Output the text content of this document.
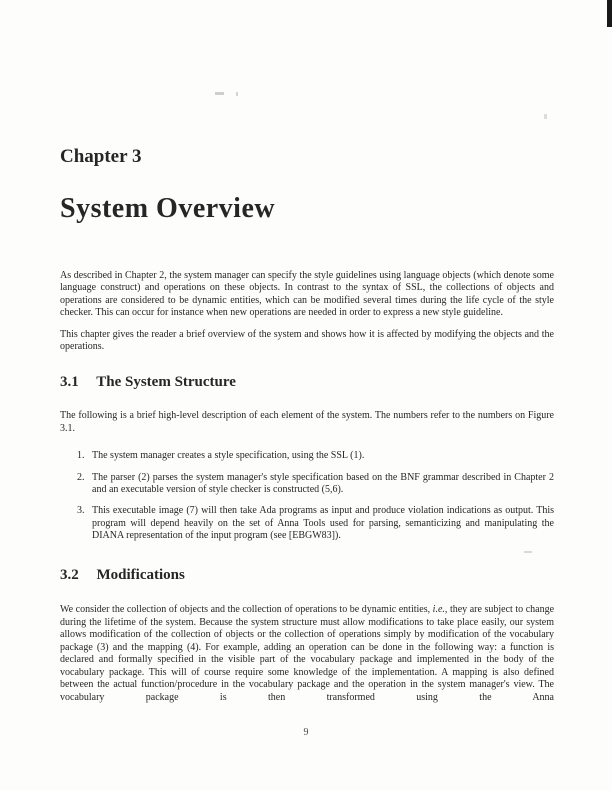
Chapter 3
System Overview

As described in Chapter 2, the system manager can specify the style guidelines using language objects (which denote some language construct) and operations on these objects. In contrast to the syntax of SSL, the collections of objects and operations are considered to be dynamic entities, which can be modified several times during the life cycle of the style checker. This can occur for instance when new operations are needed in order to express a new style guideline.

This chapter gives the reader a brief overview of the system and shows how it is affected by modifying the objects and the operations.

3.1 The System Structure

The following is a brief high-level description of each element of the system. The numbers refer to the numbers on Figure 3.1.

1. The system manager creates a style specification, using the SSL (1).
2. The parser (2) parses the system manager's style specification based on the BNF grammar described in Chapter 2 and an executable version of style checker is constructed (5,6).
3. This executable image (7) will then take Ada programs as input and produce violation indications as output. This program will depend heavily on the set of Anna Tools used for parsing, semanticizing and manipulating the DIANA representation of the input program (see [EBGW83]).
3.2 Modifications

We consider the collection of objects and the collection of operations to be dynamic entities, i.e., they are subject to change during the lifetime of the system. Because the system structure must allow modifications to take place easily, our system allows modification of the collection of objects or the collection of operations simply by modification of the vocabulary package (3) and the mapping (4). For example, adding an operation can be done in the following way: a function is declared and formally specified in the visible part of the vocabulary package and implemented in the body of the vocabulary package. This will of course require some knowledge of the implementation. A mapping is also defined between the actual function/procedure in the vocabulary package and the operation in the system manager's view. The vocabulary package is then transformed using the Anna

9
